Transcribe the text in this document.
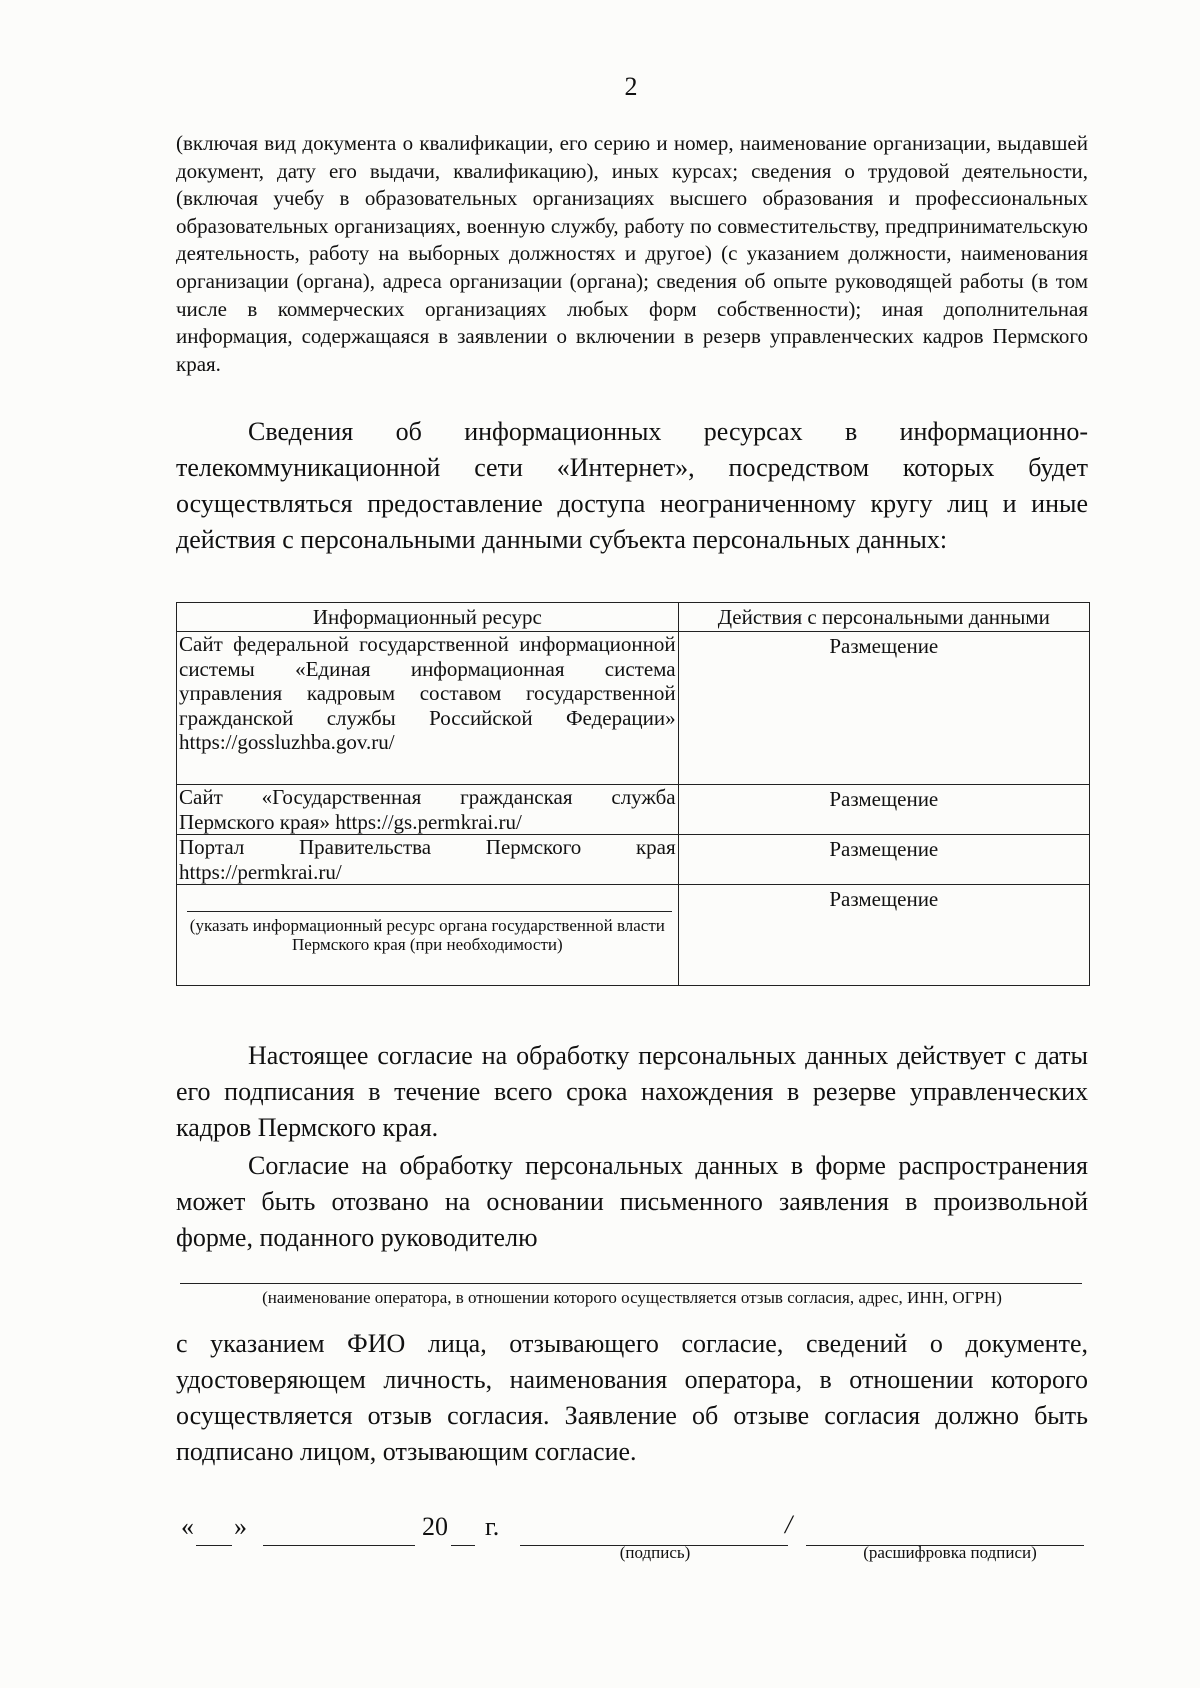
2
(включая вид документа о квалификации, его серию и номер, наименование организации, выдавшей документ, дату его выдачи, квалификацию), иных курсах; сведения о трудовой деятельности, (включая учебу в образовательных организациях высшего образования и профессиональных образовательных организациях, военную службу, работу по совместительству, предпринимательскую деятельность, работу на выборных должностях и другое) (с указанием должности, наименования организации (органа), адреса организации (органа); сведения об опыте руководящей работы (в том числе в коммерческих организациях любых форм собственности); иная дополнительная информация, содержащаяся в заявлении о включении в резерв управленческих кадров Пермского края.
Сведения об информационных ресурсах в информационно-телекоммуникационной сети «Интернет», посредством которых будет осуществляться предоставление доступа неограниченному кругу лиц и иные действия с персональными данными субъекта персональных данных:
Информационный ресурс	Действия с персональными данными
Сайт федеральной государственной информационной системы «Единая информационная система управления кадровым составом государственной гражданской службы Российской Федерации»
https://gossluzhba.gov.ru/	Размещение
Сайт «Государственная гражданская служба
Пермского края» https://gs.permkrai.ru/	Размещение
Портал Правительства Пермского края
https://permkrai.ru/	Размещение

(указать информационный ресурс органа государственной власти Пермского края (при необходимости)	Размещение
Настоящее согласие на обработку персональных данных действует с даты его подписания в течение всего срока нахождения в резерве управленческих кадров Пермского края.
Согласие на обработку персональных данных в форме распространения может быть отозвано на основании письменного заявления в произвольной форме, поданного руководителю
(наименование оператора, в отношении которого осуществляется отзыв согласия, адрес, ИНН, ОГРН)
с указанием ФИО лица, отзывающего согласие, сведений о документе, удостоверяющем личность, наименования оператора, в отношении которого осуществляется отзыв согласия. Заявление об отзыве согласия должно быть подписано лицом, отзывающим согласие.
« »	20 г.	/
(подпись)	(расшифровка подписи)
